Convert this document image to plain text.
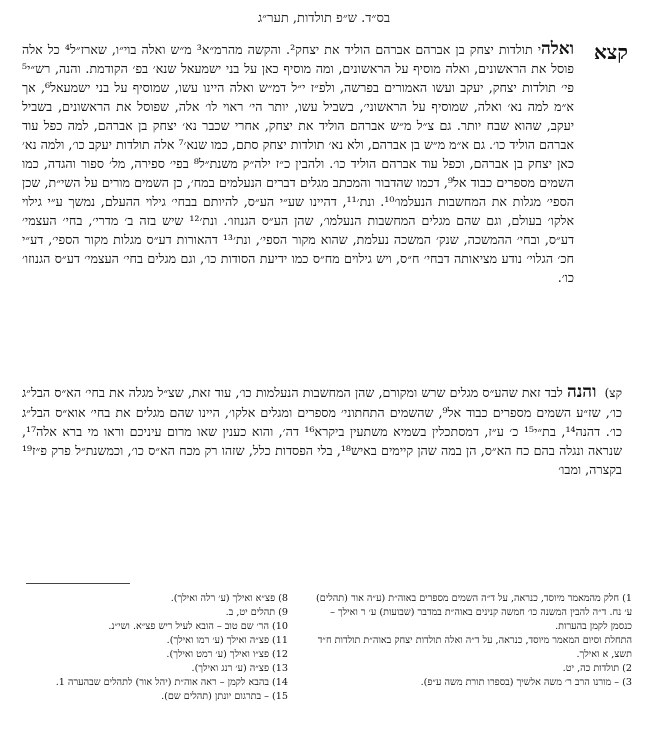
בס״ד. ש״פ תולדות, תער״ג
קצא
ואלהי תולדות יצחק בן אברהם אברהם הוליד את יצחק². והקשה מהרמ״א³ מ״ש ואלה בוי״ו, שארז״ל⁴ כל אלה פוסל את הראשונים, ואלה מוסיף על הראשונים, ומה מוסיף כאן על בני ישמעאל שנא׳ בפ׳ הקודמת. והנה, רש״י⁵ פי׳ תולדות יצחק, יעקב ועשו האמורים בפרשה, ולפ״ז י״ל דמ״ש ואלה היינו עשו, שמוסיף על בני ישמעאל⁶, אך א״מ למה נא׳ ואלה, שמוסיף על הראשוני׳, בשביל עשו, יותר הי׳ ראוי לו׳ אלה, שפוסל את הראשונים, בשביל יעקב, שהוא שבח יותר. גם צ״ל מ״ש אברהם הוליד את יצחק, אחרי שכבר נא׳ יצחק בן אברהם, למה כפל עוד אברהם הוליד כו׳. גם א״מ מ״ש בן אברהם, ולא נא׳ תולדות יצחק סתם, כמו שנא׳⁷ אלה תולדות יעקב כו׳, ולמה נא׳ כאן יצחק בן אברהם, וכפל עוד אברהם הוליד כו׳. ולהבין כ״ז ילה״ק משנת״ל⁸ בפי׳ ספירה, מל׳ ספור והגדה, כמו השמים מספרים כבוד אל⁹, דכמו שהדבור והמכתב מגלים דברים הנעלמים במח׳, כן השמים מורים על השי״ת, שכן הספי׳ מגלות את המחשבות הנעלמו׳¹⁰. ונת׳¹¹, דהיינו שע״י הע״ס, להיותם בבחי׳ גילוי ההעלם, נמשך ע״י גילוי אלקו׳ בעולם, וגם שהם מגלים המחשבות הנעלמו׳, שהן הע״ס הגנוזו׳. ונת׳¹² שיש בזה ב׳ מדרי׳, בחי׳ העצמי׳ דע״ס, ובחי׳ ההמשכה, שנק׳ המשכה נעלמת, שהוא מקור הספי׳, ונת׳¹³ דהאורות דע״ס מגלות מקור הספי׳, דע״י חכ׳ הגלוי׳ נודע מציאותה דבחי׳ ח״ס, ויש גילוים מח״ס כמו ידיעת הסודות כו׳, וגם מגלים בחי׳ העצמי׳ דע״ס הגנוזו׳ כו׳.
קצ) והנה לבד זאת שהע״ס מגלים שרש ומקורם, שהן המחשבות הנעלמות כו׳, עוד זאת, שצ״ל מגלה את בחי׳ הא״ס הבל״ג כו׳, שז״ע השמים מספרים כבוד אל⁹, שהשמים התחתוני׳ מספרים ומגלים אלקו׳, היינו שהם מגלים את בחי׳ אוא״ס הבל״ג כו׳. דהנה¹⁴, בת״י¹⁵ כ׳ ע״ז, דמסתכלין בשמיא משתעין ביקרא¹⁶ דה׳, והוא כענין שאו מרום עיניכם וראו מי ברא אלה¹⁷, שנראה ונגלה בהם כח הא״ס, הן במה שהן קיימים באיש¹⁸, בלי הפסדות כלל, שזהו רק מכח הא״ס כו׳, וכמשנת״ל פרק פ״ז¹⁹ בקצרה, ומבו׳
1) חלק מהמאמר מיוסד, כנראה, על ד״ה השמים מספרים באוה״ת (ע״ה אור (תהלים) ע׳ נח. ד״ה להבין המשנה כו׳ חמשה קנינים באוה״ת במדבר (שבועות) ע׳ ר ואילך – כנסמן לקמן בהערות.
התחלת וסיום המאמר מיוסד, כנראה, על ד״ה ואלה תולדות יצחק באוה״ת תולדות ח״ד תשצ, א ואילך.
2) תולדות כה, יט.
3) – מורנו הרב ר׳ משה אלשיך (בספרו תורת משה ע״פ).
8) פצ״א ואילך (ע׳ רלה ואילך).
9) תהלים יט, ב.
10) הר׳ שם טוב – הובא לעיל ריש פצ״א. ושי״נ.
11) פצ״ה ואילך (ע׳ רמו ואילך).
12) פצ״ו ואילך (ע׳ רמט ואילך).
13) פצ״ה (ע׳ רנג ואילך).
14) בהבא לקמן – ראה אוה״ת (יהל אור) לתהלים שבהערה 1.
15) – בתרגום יונתן (תהלים שם).
